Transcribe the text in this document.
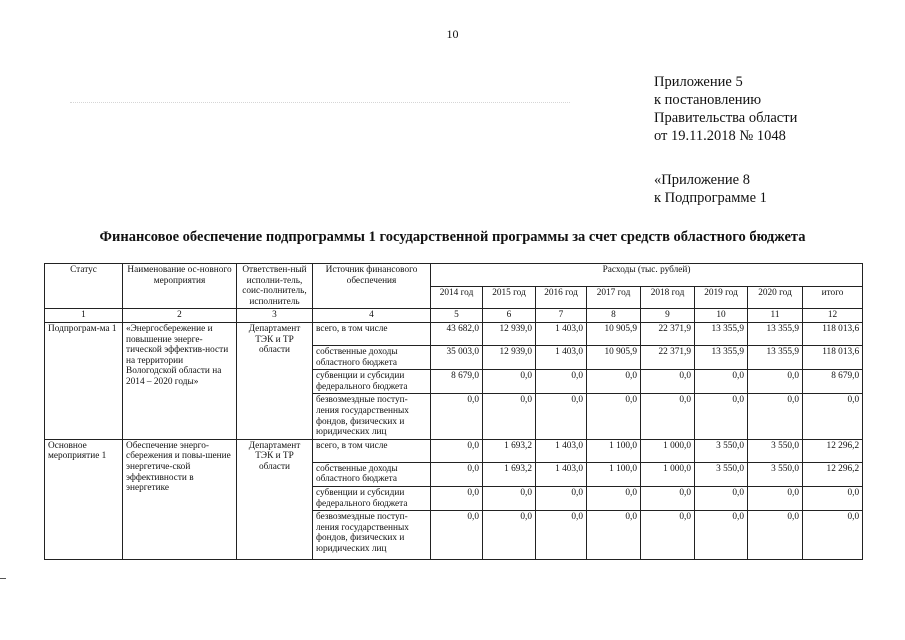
10
Приложение 5
к постановлению
Правительства области
от 19.11.2018 № 1048
«Приложение 8
к Подпрограмме 1
Финансовое обеспечение подпрограммы 1 государственной программы за счет средств областного бюджета
Статус	Наименование ос-новного мероприятия	Ответствен-ный исполни-тель, соис-полнитель, исполнитель	Источник финансового обеспечения	Расходы (тыс. рублей)							
				2014 год	2015 год	2016 год	2017 год	2018 год	2019 год	2020 год	итого
1	2	3	4	5	6	7	8	9	10	11	12
Подпрограм-ма 1	«Энергосбережение и повышение энерге-тической эффектив-ности на территории Вологодской области на 2014 – 2020 годы»	Департамент ТЭК и ТР области	всего, в том числе	43 682,0	12 939,0	1 403,0	10 905,9	22 371,9	13 355,9	13 355,9	118 013,6
			собственные доходы областного бюджета	35 003,0	12 939,0	1 403,0	10 905,9	22 371,9	13 355,9	13 355,9	118 013,6
			субвенции и субсидии федерального бюджета	8 679,0	0,0	0,0	0,0	0,0	0,0	0,0	8 679,0
			безвозмездные поступ-ления государственных фондов, физических и юридических лиц	0,0	0,0	0,0	0,0	0,0	0,0	0,0	0,0
Основное мероприятие 1	Обеспечение энерго-сбережения и повы-шение энергетиче-ской эффективности в энергетике	Департамент ТЭК и ТР области	всего, в том числе	0,0	1 693,2	1 403,0	1 100,0	1 000,0	3 550,0	3 550,0	12 296,2
			собственные доходы областного бюджета	0,0	1 693,2	1 403,0	1 100,0	1 000,0	3 550,0	3 550,0	12 296,2
			субвенции и субсидии федерального бюджета	0,0	0,0	0,0	0,0	0,0	0,0	0,0	0,0
			безвозмездные поступ-ления государственных фондов, физических и юридических лиц	0,0	0,0	0,0	0,0	0,0	0,0	0,0	0,0
